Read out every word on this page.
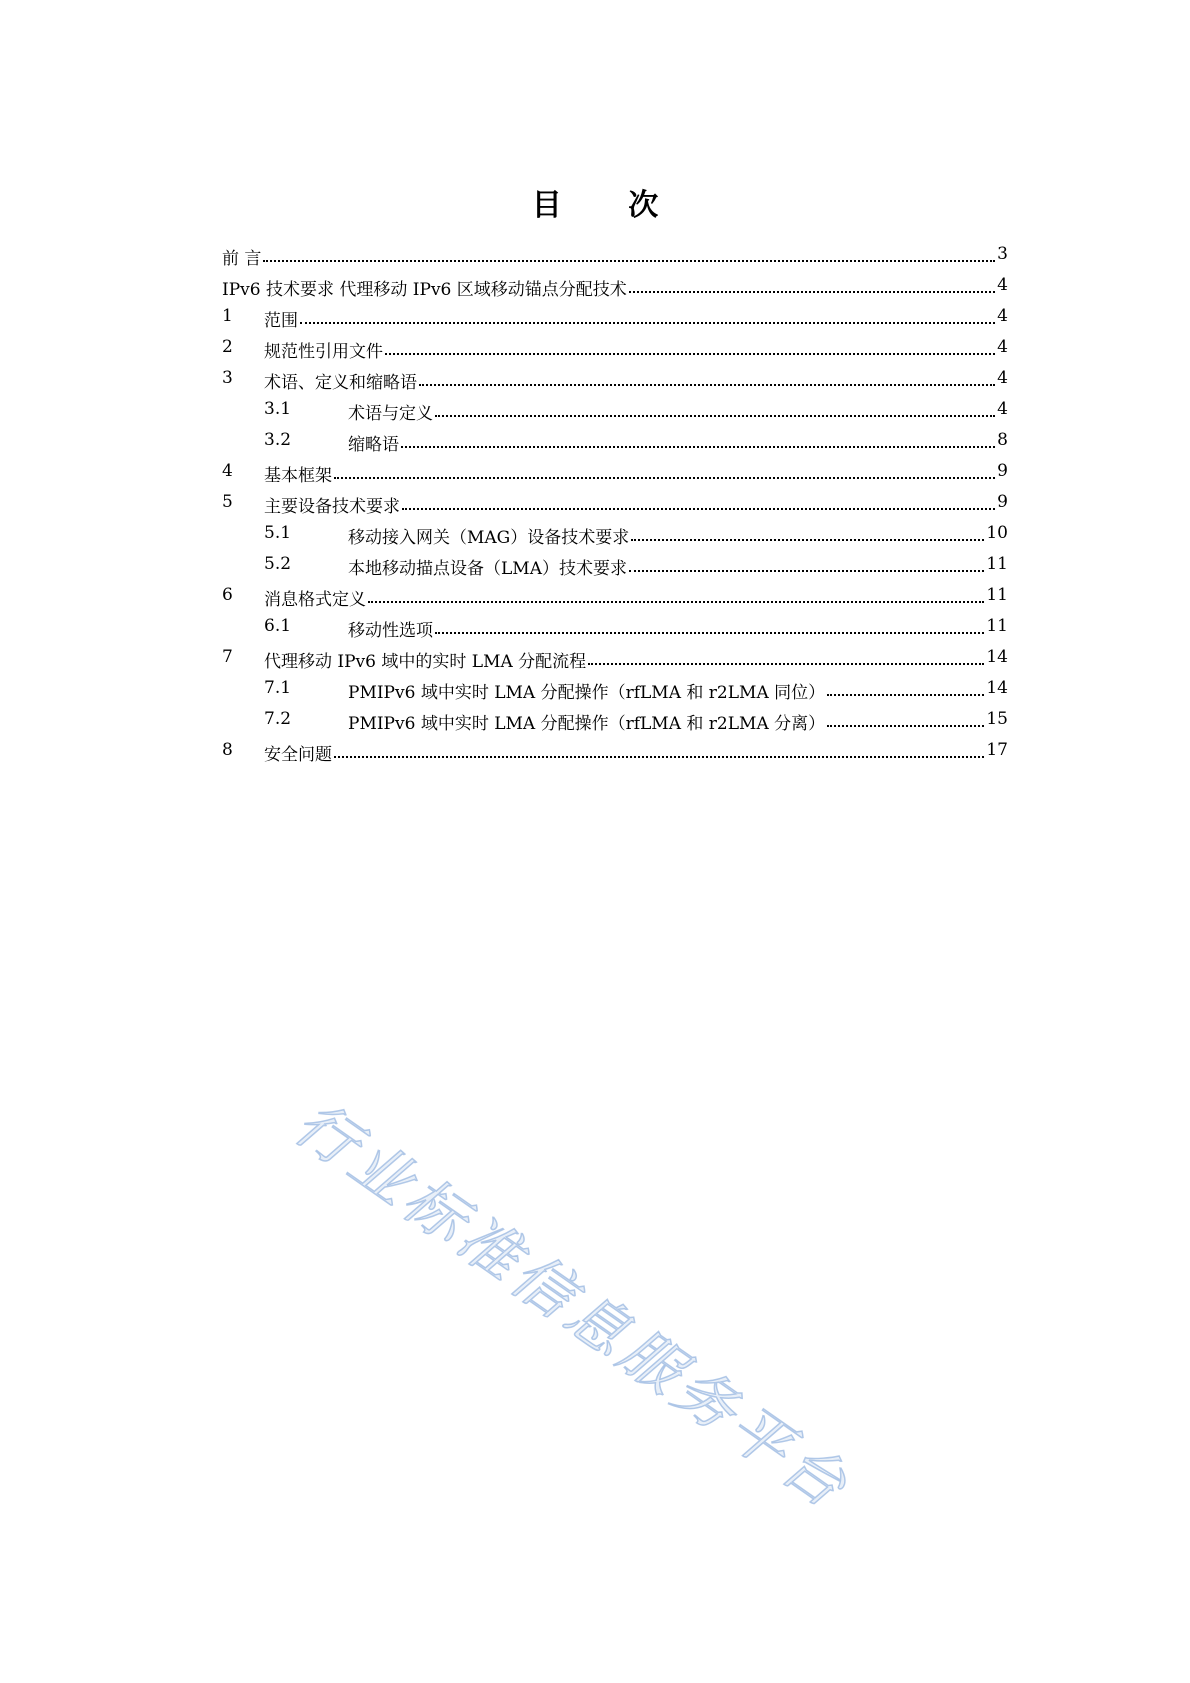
目 次
前 言	3
IPv6 技术要求 代理移动 IPv6 区域移动锚点分配技术	4
1 范围	4
2 规范性引用文件	4
3 术语、定义和缩略语	4
3.1	术语与定义	4
3.2	缩略语	8
4 基本框架	9
5 主要设备技术要求	9
5.1	移动接入网关（MAG）设备技术要求	10
5.2	本地移动描点设备（LMA）技术要求	11
6 消息格式定义	11
6.1	移动性选项	11
7 代理移动 IPv6 域中的实时 LMA 分配流程	14
7.1	PMIPv6 域中实时 LMA 分配操作（rfLMA 和 r2LMA 同位）	14
7.2	PMIPv6 域中实时 LMA 分配操作（rfLMA 和 r2LMA 分离）	15
8 安全问题	17
行业标准信息服务平台
